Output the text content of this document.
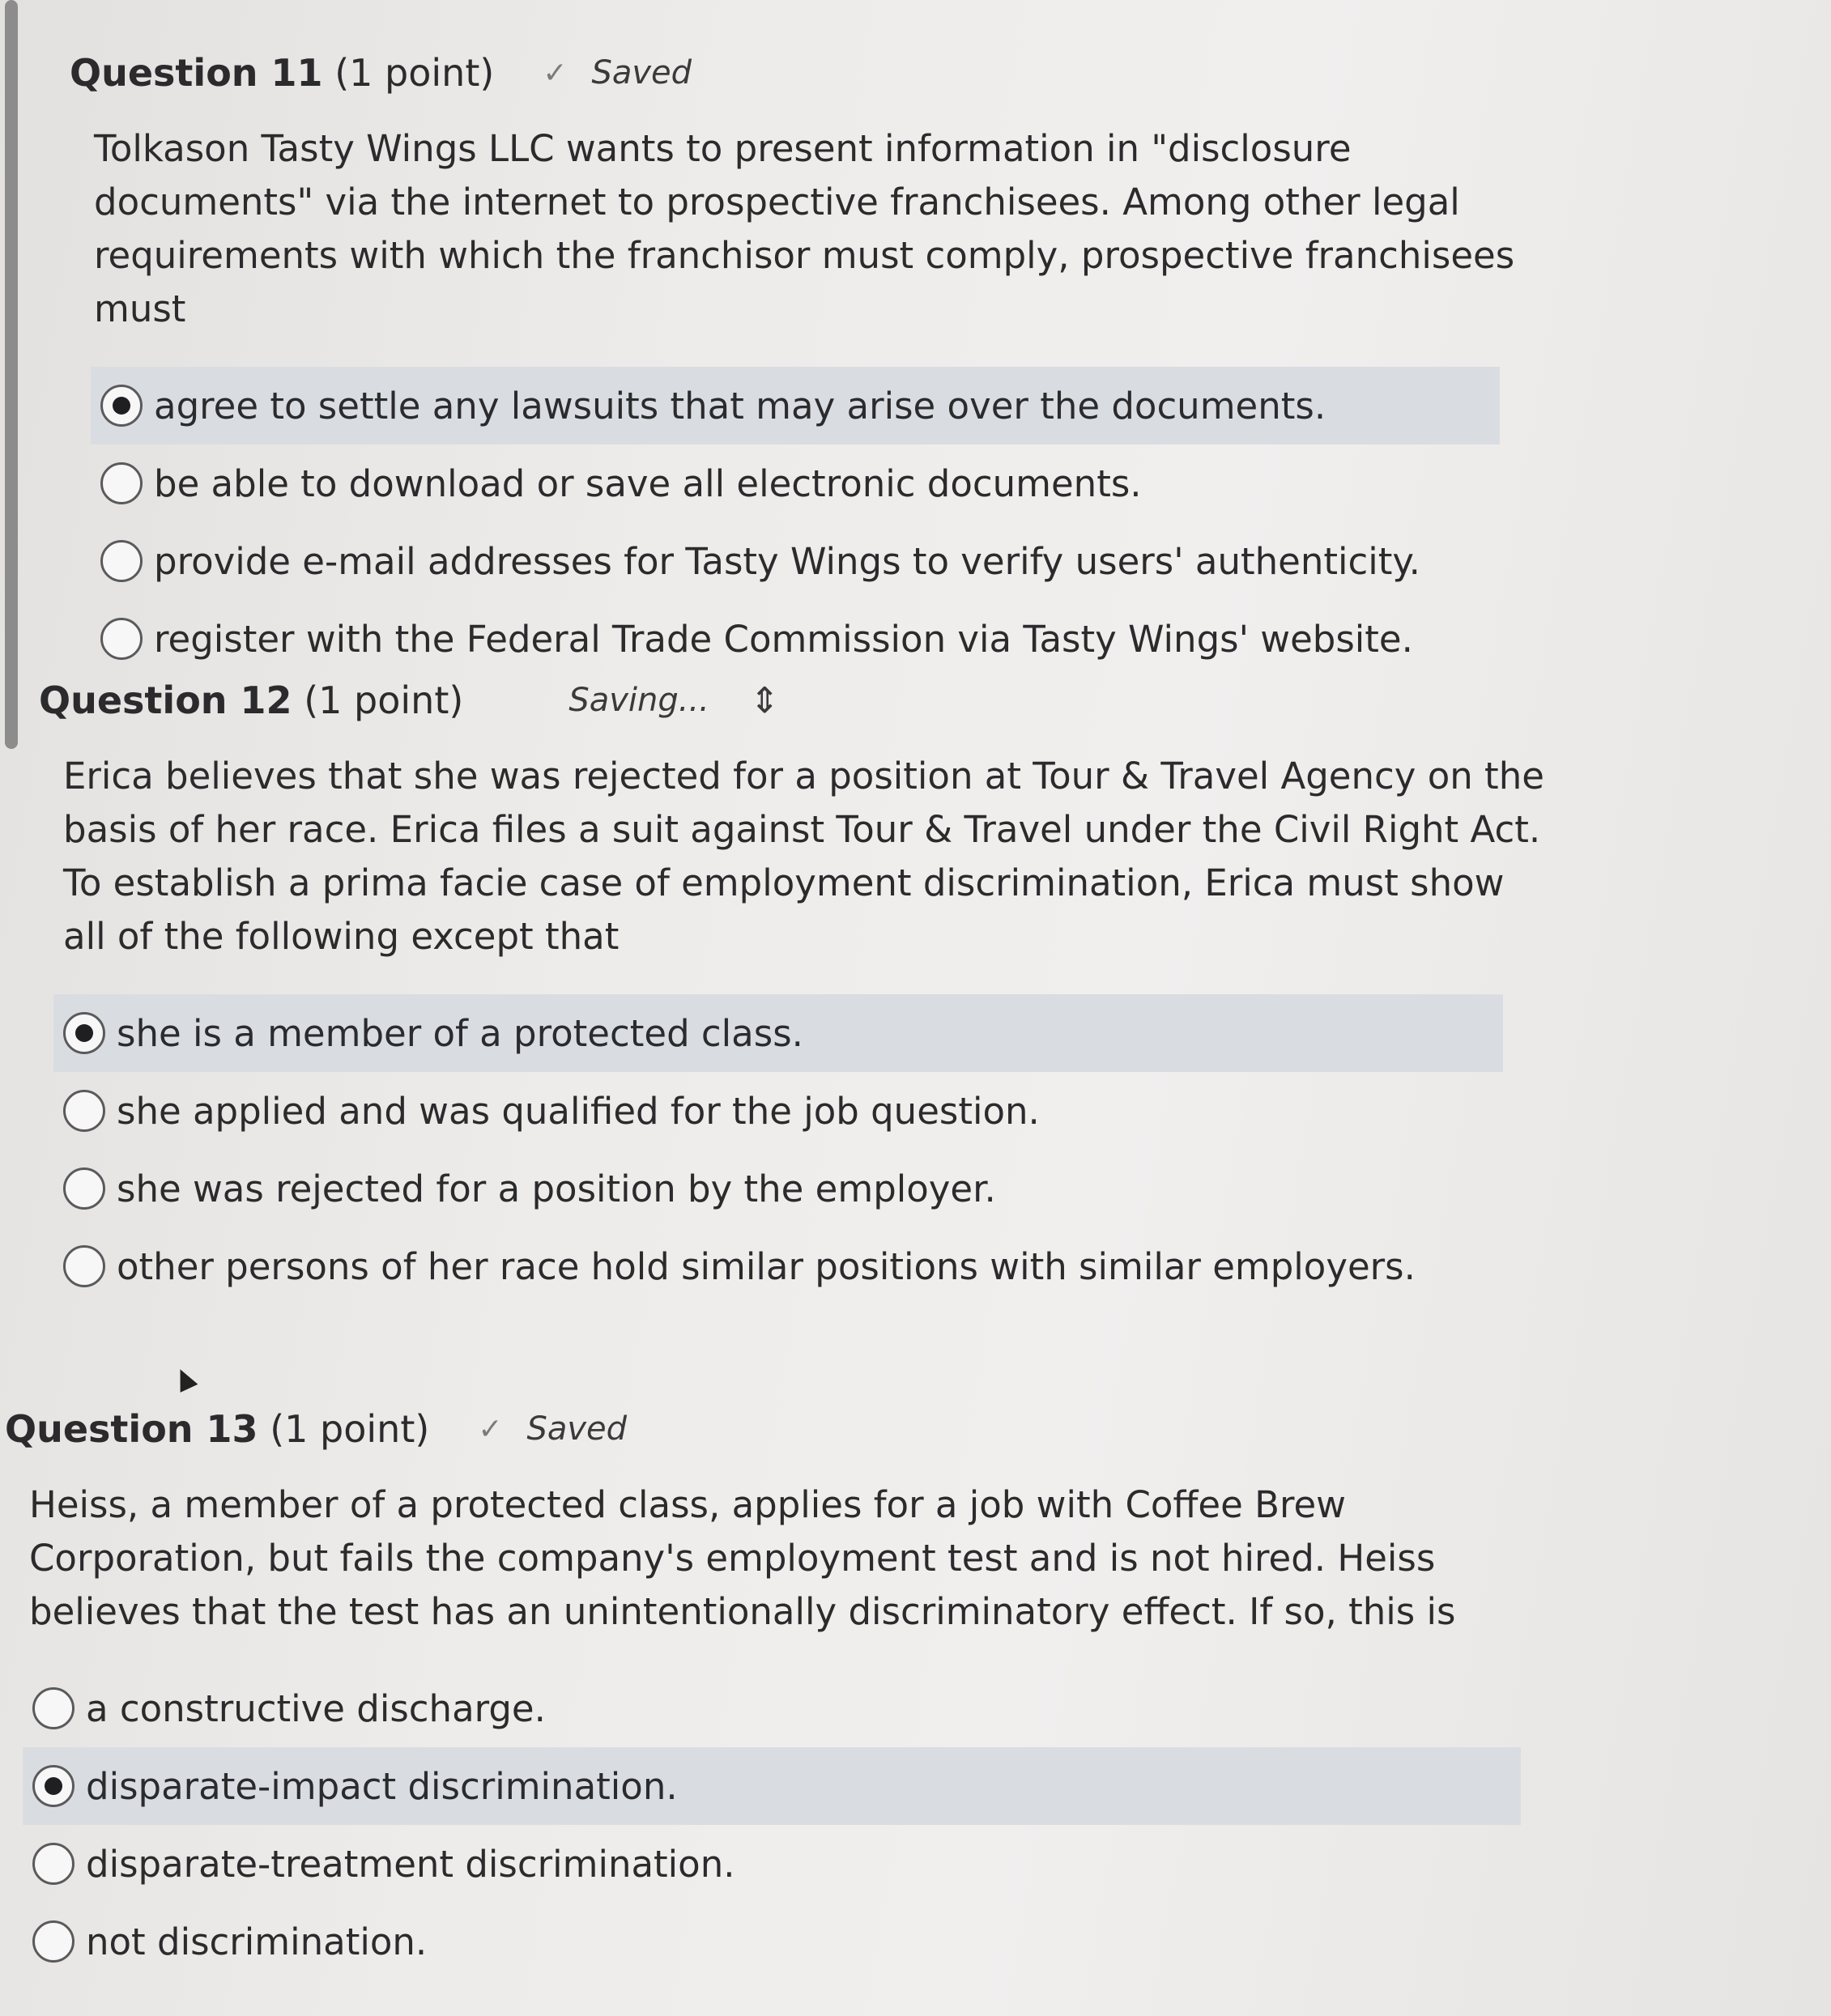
Question 11 (1 point) ✓ Saved
Tolkason Tasty Wings LLC wants to present information in "disclosure documents" via the internet to prospective franchisees. Among other legal requirements with which the franchisor must comply, prospective franchisees must
agree to settle any lawsuits that may arise over the documents.
be able to download or save all electronic documents.
provide e-mail addresses for Tasty Wings to verify users' authenticity.
register with the Federal Trade Commission via Tasty Wings' website.
Question 12 (1 point)	Saving... ⇕
Erica believes that she was rejected for a position at Tour & Travel Agency on the basis of her race. Erica files a suit against Tour & Travel under the Civil Right Act. To establish a prima facie case of employment discrimination, Erica must show all of the following except that
she is a member of a protected class.
she applied and was qualified for the job question.
she was rejected for a position by the employer.
other persons of her race hold similar positions with similar employers.
Question 13 (1 point) ✓ Saved
Heiss, a member of a protected class, applies for a job with Coffee Brew Corporation, but fails the company's employment test and is not hired. Heiss believes that the test has an unintentionally discriminatory effect. If so, this is
a constructive discharge.
disparate-impact discrimination.
disparate-treatment discrimination.
not discrimination.
